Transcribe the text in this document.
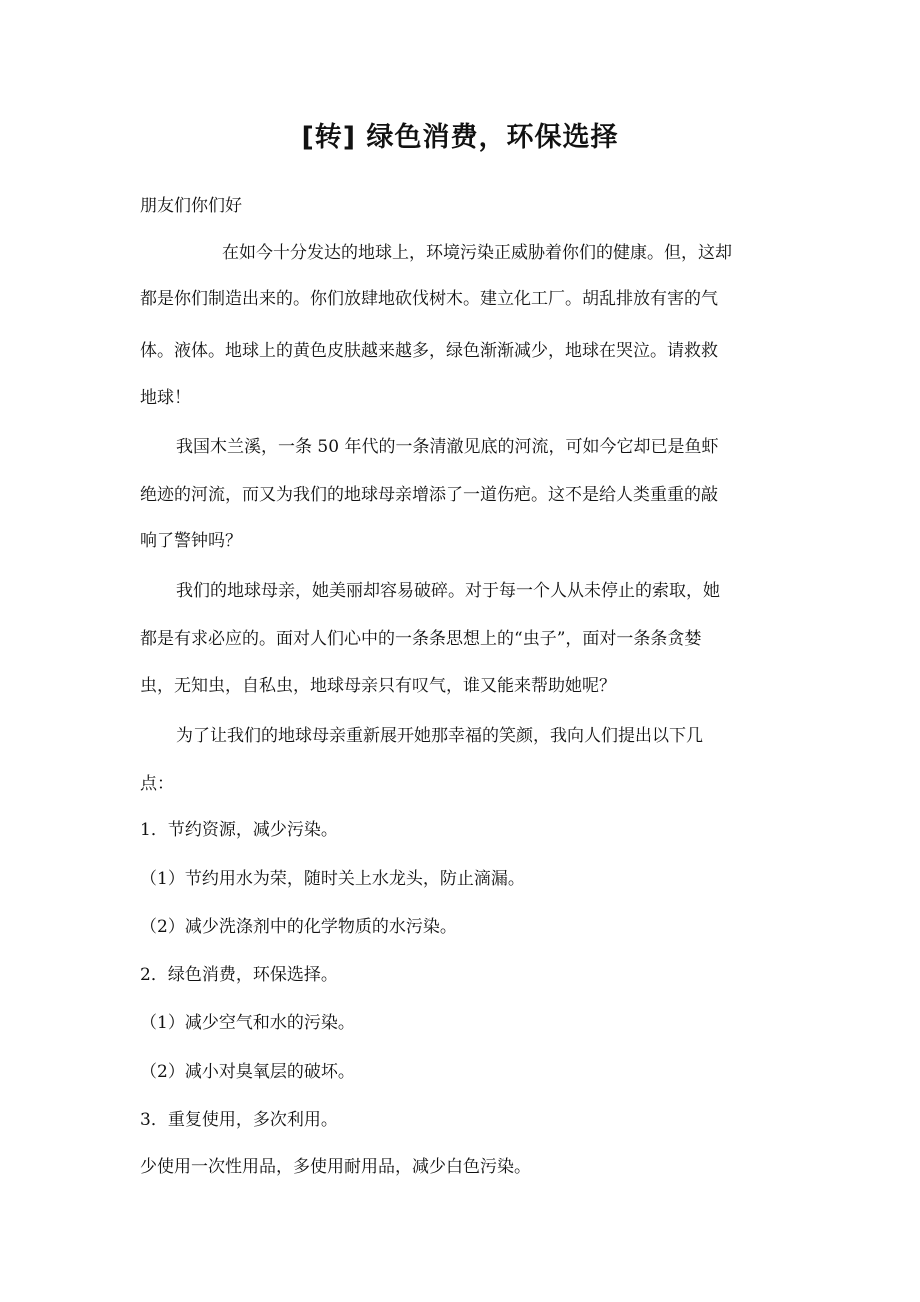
zixin
[转] 绿色消费，环保选择
朋友们你们好
在如今十分发达的地球上，环境污染正威胁着你们的健康。但，这却
都是你们制造出来的。你们放肆地砍伐树木。建立化工厂。胡乱排放有害的气
体。液体。地球上的黄色皮肤越来越多，绿色渐渐减少，地球在哭泣。请救救
地球！
我国木兰溪，一条 50 年代的一条清澈见底的河流，可如今它却已是鱼虾
绝迹的河流，而又为我们的地球母亲增添了一道伤疤。这不是给人类重重的敲
响了警钟吗？
我们的地球母亲，她美丽却容易破碎。对于每一个人从未停止的索取，她
都是有求必应的。面对人们心中的一条条思想上的“虫子”，面对一条条贪婪
虫，无知虫，自私虫，地球母亲只有叹气，谁又能来帮助她呢？
为了让我们的地球母亲重新展开她那幸福的笑颜，我向人们提出以下几
点：
1．节约资源，减少污染。
（1）节约用水为荣，随时关上水龙头，防止滴漏。
（2）减少洗涤剂中的化学物质的水污染。
2．绿色消费，环保选择。
（1）减少空气和水的污染。
（2）减小对臭氧层的破坏。
3．重复使用，多次利用。
少使用一次性用品，多使用耐用品，减少白色污染。
